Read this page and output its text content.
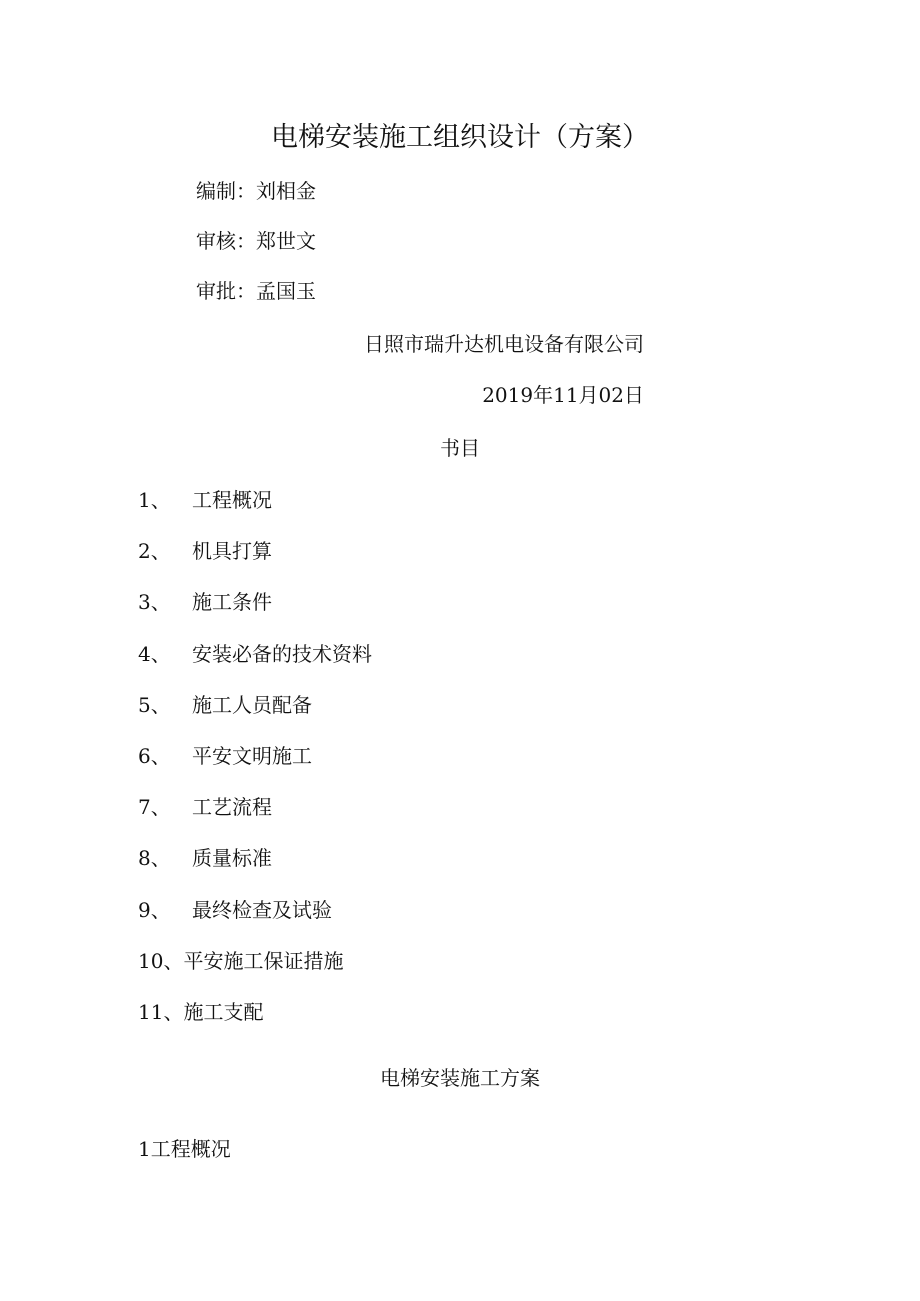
电梯安装施工组织设计（方案）
编制：刘相金
审核：郑世文
审批：孟国玉
日照市瑞升达机电设备有限公司
2019年11月02日
书目
1、 工程概况
2、 机具打算
3、 施工条件
4、 安装必备的技术资料
5、 施工人员配备
6、 平安文明施工
7、 工艺流程
8、 质量标准
9、 最终检查及试验
10、平安施工保证措施
11、施工支配
电梯安装施工方案
1工程概况
